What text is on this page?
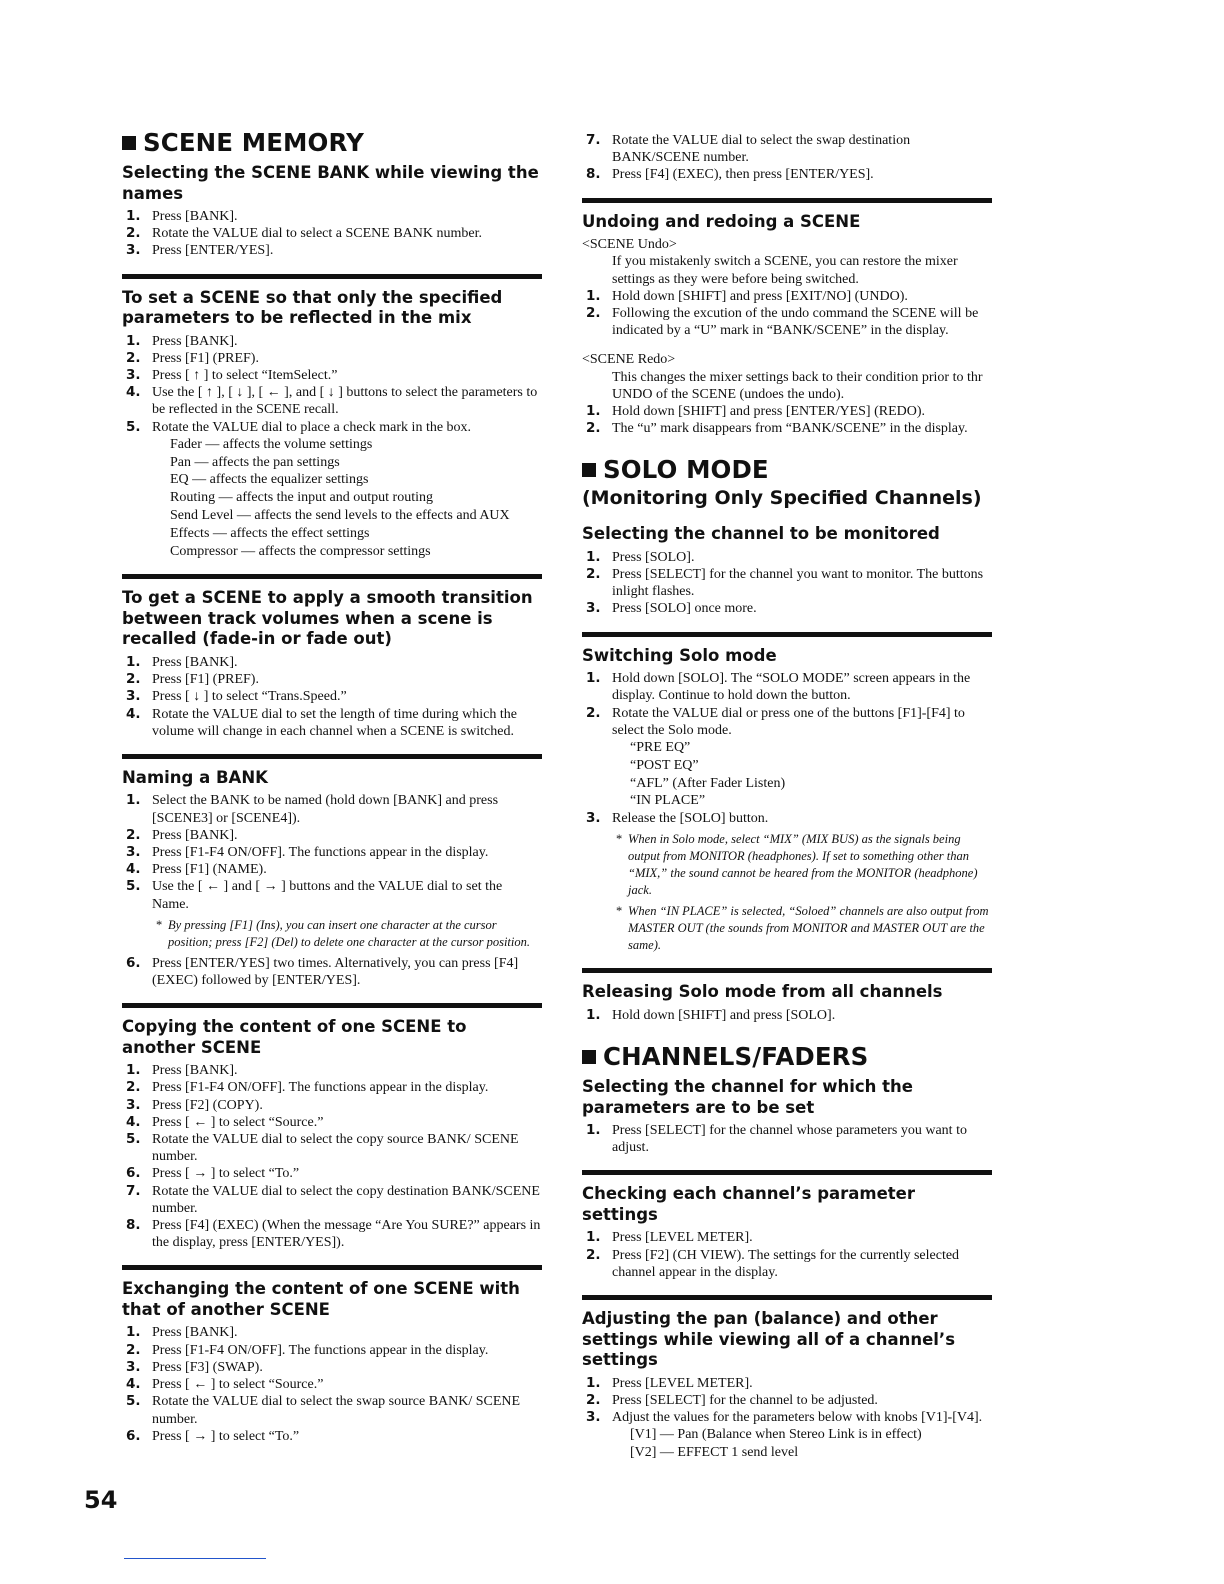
SCENE MEMORY
Selecting the SCENE BANK while viewing the names
1. Press [BANK].
2. Rotate the VALUE dial to select a SCENE BANK number.
3. Press [ENTER/YES].
To set a SCENE so that only the specified parameters to be reflected in the mix
1. Press [BANK].
2. Press [F1] (PREF).
3. Press [ ↑ ] to select “ItemSelect.”
4. Use the [ ↑ ], [ ↓ ], [ ← ], and [ ↓ ] buttons to select the parameters to be reflected in the SCENE recall.
5. Rotate the VALUE dial to place a check mark in the box.
Fader — affects the volume settings
Pan — affects the pan settings
EQ — affects the equalizer settings
Routing — affects the input and output routing
Send Level — affects the send levels to the effects and AUX
Effects — affects the effect settings
Compressor — affects the compressor settings
To get a SCENE to apply a smooth transition between track volumes when a scene is recalled (fade-in or fade out)
1. Press [BANK].
2. Press [F1] (PREF).
3. Press [ ↓ ] to select “Trans.Speed.”
4. Rotate the VALUE dial to set the length of time during which the volume will change in each channel when a SCENE is switched.
Naming a BANK
1. Select the BANK to be named (hold down [BANK] and press [SCENE3] or [SCENE4]).
2. Press [BANK].
3. Press [F1-F4 ON/OFF]. The functions appear in the display.
4. Press [F1] (NAME).
5. Use the [ ← ] and [ → ] buttons and the VALUE dial to set the Name.
* By pressing [F1] (Ins), you can insert one character at the cursor position; press [F2] (Del) to delete one character at the cursor position.
6. Press [ENTER/YES] two times. Alternatively, you can press [F4] (EXEC) followed by [ENTER/YES].
Copying the content of one SCENE to another SCENE
1. Press [BANK].
2. Press [F1-F4 ON/OFF]. The functions appear in the display.
3. Press [F2] (COPY).
4. Press [ ← ] to select “Source.”
5. Rotate the VALUE dial to select the copy source BANK/ SCENE number.
6. Press [ → ] to select “To.”
7. Rotate the VALUE dial to select the copy destination BANK/SCENE number.
8. Press [F4] (EXEC) (When the message “Are You SURE?” appears in the display, press [ENTER/YES]).
Exchanging the content of one SCENE with that of another SCENE
1. Press [BANK].
2. Press [F1-F4 ON/OFF]. The functions appear in the display.
3. Press [F3] (SWAP).
4. Press [ ← ] to select “Source.”
5. Rotate the VALUE dial to select the swap source BANK/ SCENE number.
6. Press [ → ] to select “To.”
7. Rotate the VALUE dial to select the swap destination BANK/SCENE number.
8. Press [F4] (EXEC), then press [ENTER/YES].
Undoing and redoing a SCENE
<SCENE Undo>
If you mistakenly switch a SCENE, you can restore the mixer settings as they were before being switched.
1. Hold down [SHIFT] and press [EXIT/NO] (UNDO).
2. Following the excution of the undo command the SCENE will be indicated by a “U” mark in “BANK/SCENE” in the display.
<SCENE Redo>
This changes the mixer settings back to their condition prior to thr UNDO of the SCENE (undoes the undo).
1. Hold down [SHIFT] and press [ENTER/YES] (REDO).
2. The “u” mark disappears from “BANK/SCENE” in the display.
SOLO MODE
(Monitoring Only Specified Channels)
Selecting the channel to be monitored
1. Press [SOLO].
2. Press [SELECT] for the channel you want to monitor. The buttons inlight flashes.
3. Press [SOLO] once more.
Switching Solo mode
1. Hold down [SOLO]. The “SOLO MODE” screen appears in the display. Continue to hold down the button.
2. Rotate the VALUE dial or press one of the buttons [F1]-[F4] to select the Solo mode.
“PRE EQ”
“POST EQ”
“AFL” (After Fader Listen)
“IN PLACE”
3. Release the [SOLO] button.
* When in Solo mode, select “MIX” (MIX BUS) as the signals being output from MONITOR (headphones). If set to something other than “MIX,” the sound cannot be heared from the MONITOR (headphone) jack.
* When “IN PLACE” is selected, “Soloed” channels are also output from MASTER OUT (the sounds from MONITOR and MASTER OUT are the same).
Releasing Solo mode from all channels
1. Hold down [SHIFT] and press [SOLO].
CHANNELS/FADERS
Selecting the channel for which the parameters are to be set
1. Press [SELECT] for the channel whose parameters you want to adjust.
Checking each channel’s parameter settings
1. Press [LEVEL METER].
2. Press [F2] (CH VIEW). The settings for the currently selected channel appear in the display.
Adjusting the pan (balance) and other settings while viewing all of a channel’s settings
1. Press [LEVEL METER].
2. Press [SELECT] for the channel to be adjusted.
3. Adjust the values for the parameters below with knobs [V1]-[V4].
[V1] — Pan (Balance when Stereo Link is in effect)
[V2] — EFFECT 1 send level
54
